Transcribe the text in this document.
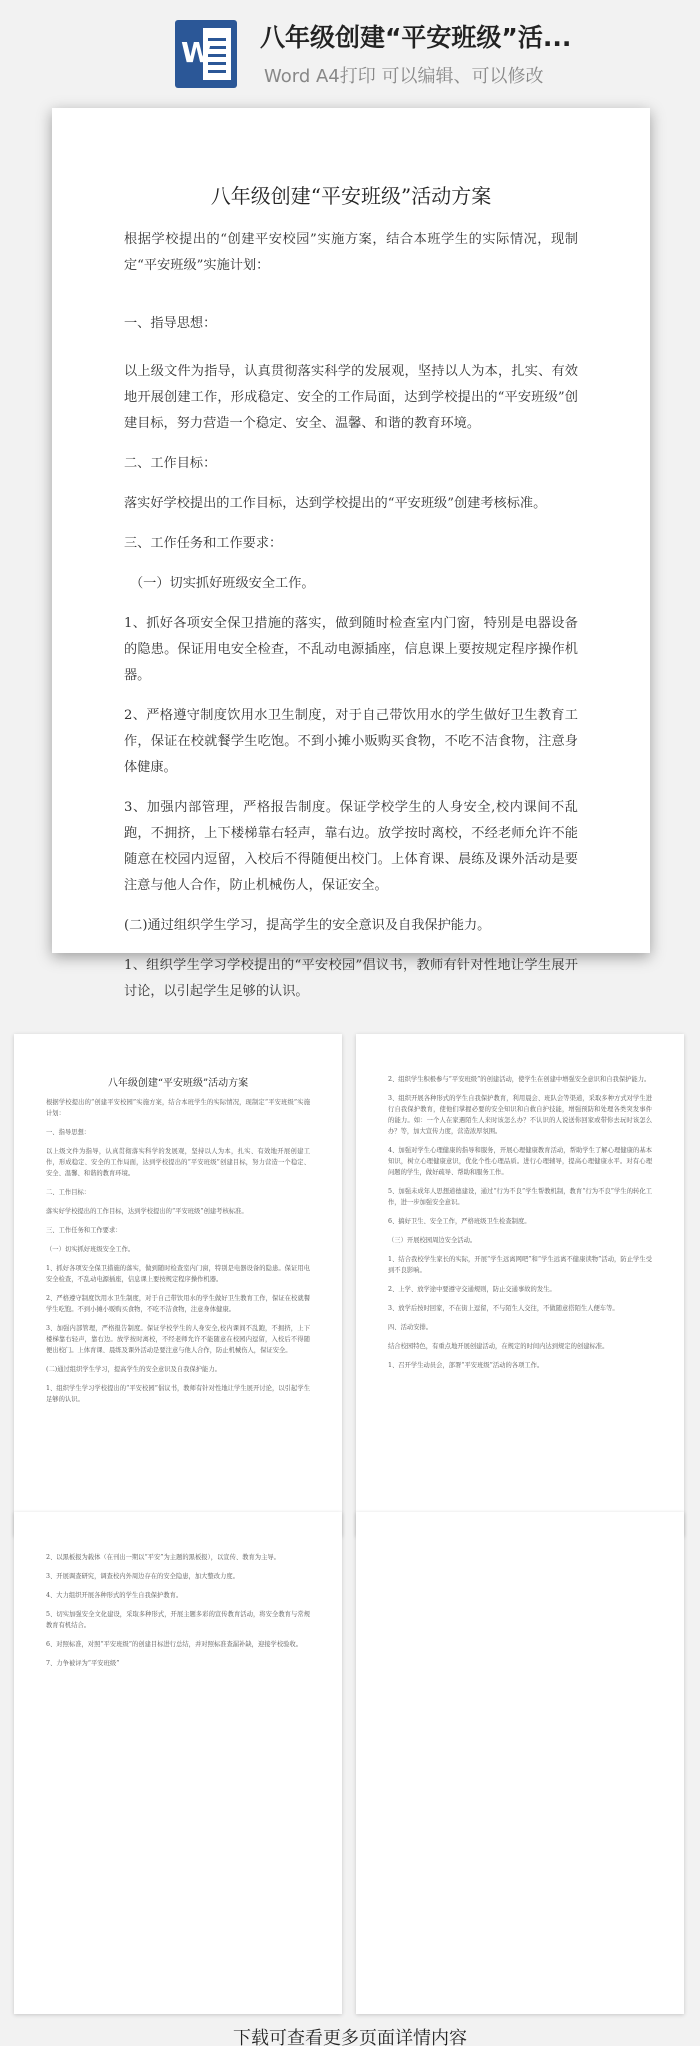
W 八年级创建“平安班级”活...
Word A4打印 可以编辑、可以修改
八年级创建“平安班级”活动方案

根据学校提出的“创建平安校园”实施方案，结合本班学生的实际情况，现制定“平安班级”实施计划：

一、指导思想：

以上级文件为指导，认真贯彻落实科学的发展观，坚持以人为本，扎实、有效地开展创建工作，形成稳定、安全的工作局面，达到学校提出的“平安班级”创建目标，努力营造一个稳定、安全、温馨、和谐的教育环境。

二、工作目标：

落实好学校提出的工作目标，达到学校提出的“平安班级”创建考核标准。

三、工作任务和工作要求：

（一）切实抓好班级安全工作。

1、抓好各项安全保卫措施的落实，做到随时检查室内门窗，特别是电器设备的隐患。保证用电安全检查，不乱动电源插座，信息课上要按规定程序操作机器。

2、严格遵守制度饮用水卫生制度，对于自己带饮用水的学生做好卫生教育工作，保证在校就餐学生吃饱。不到小摊小贩购买食物，不吃不洁食物，注意身体健康。

3、加强内部管理，严格报告制度。保证学校学生的人身安全,校内课间不乱跑，不拥挤，上下楼梯靠右轻声，靠右边。放学按时离校，不经老师允许不能随意在校园内逗留，入校后不得随便出校门。上体育课、晨练及课外活动是要注意与他人合作，防止机械伤人，保证安全。

(二)通过组织学生学习，提高学生的安全意识及自我保护能力。

1、组织学生学习学校提出的“平安校园”倡议书，教师有针对性地让学生展开讨论，以引起学生足够的认识。

八年级创建“平安班级”活动方案

根据学校提出的“创建平安校园”实施方案，结合本班学生的实际情况，现制定“平安班级”实施计划：

一、指导思想：

以上级文件为指导，认真贯彻落实科学的发展观，坚持以人为本，扎实、有效地开展创建工作，形成稳定、安全的工作局面，达到学校提出的“平安班级”创建目标，努力营造一个稳定、安全、温馨、和谐的教育环境。

二、工作目标：

落实好学校提出的工作目标，达到学校提出的“平安班级”创建考核标准。

三、工作任务和工作要求：

（一）切实抓好班级安全工作。

1、抓好各项安全保卫措施的落实，做到随时检查室内门窗，特别是电器设备的隐患。保证用电安全检查，不乱动电源插座，信息课上要按规定程序操作机器。

2、严格遵守制度饮用水卫生制度，对于自己带饮用水的学生做好卫生教育工作，保证在校就餐学生吃饱。不到小摊小贩购买食物，不吃不洁食物，注意身体健康。

3、加强内部管理，严格报告制度。保证学校学生的人身安全,校内课间不乱跑，不拥挤，上下楼梯靠右轻声，靠右边。放学按时离校，不经老师允许不能随意在校园内逗留，入校后不得随便出校门。上体育课、晨练及课外活动是要注意与他人合作，防止机械伤人，保证安全。

(二)通过组织学生学习，提高学生的安全意识及自我保护能力。

1、组织学生学习学校提出的“平安校园”倡议书，教师有针对性地让学生展开讨论，以引起学生足够的认识。

2、组织学生积极参与“平安班级”的创建活动，使学生在创建中增强安全意识和自我保护能力。

3、组织开展各种形式的学生自我保护教育，利用晨会、班队会等渠道，采取多种方式对学生进行自我保护教育，使他们掌握必要的安全知识和自救自护技能，增强预防和处理各类突发事件的能力。如：一个人在家遇陌生人来时该怎么办？不认识的人说送你回家或带你去玩时该怎么办？等，加大宣传力度，营造浓厚氛围。

4、加强对学生心理健康的指导和服务，开展心理健康教育活动，帮助学生了解心理健康的基本知识，树立心理健康意识，优化个性心理品质。进行心理辅导，提高心理健康水平。对有心理问题的学生，做好疏导、帮助和服务工作。

5、加强未成年人思想道德建设，通过“行为不良”学生帮教机制，教育“行为不良”学生的转化工作，进一步加强安全意识。

6、搞好卫生、安全工作，严格班级卫生检查制度。

（三）开展校园周边安全活动。

1、结合我校学生家长的实际，开展“学生远离网吧”和“学生远离不健康读物”活动，防止学生受到不良影响。

2、上学、放学途中要遵守交通规则，防止交通事故的发生。

3、放学后按时回家，不在街上逗留，不与陌生人交往，不做随意搭陌生人便车等。

四、活动安排。

结合校园特色，有重点地开展创建活动，在规定的时间内达到规定的创建标准。

1、召开学生动员会，部署“平安班级”活动的各项工作。

2、以黑板报为载体（在刊出一期以“平安”为主题的黑板报），以宣传、教育为主导。

3、开展调查研究，调查校内外周边存在的安全隐患，加大整改力度。

4、大力组织开展各种形式的学生自我保护教育。

5、切实加强安全文化建设，采取多种形式，开展主题多彩的宣传教育活动，将安全教育与常规教育有机结合。

6、对照标准，对照“平安班级”的创建目标进行总结，并对照标准查漏补缺，迎接学校验收。

7、力争被评为“平安班级”

下载可查看更多页面详情内容
